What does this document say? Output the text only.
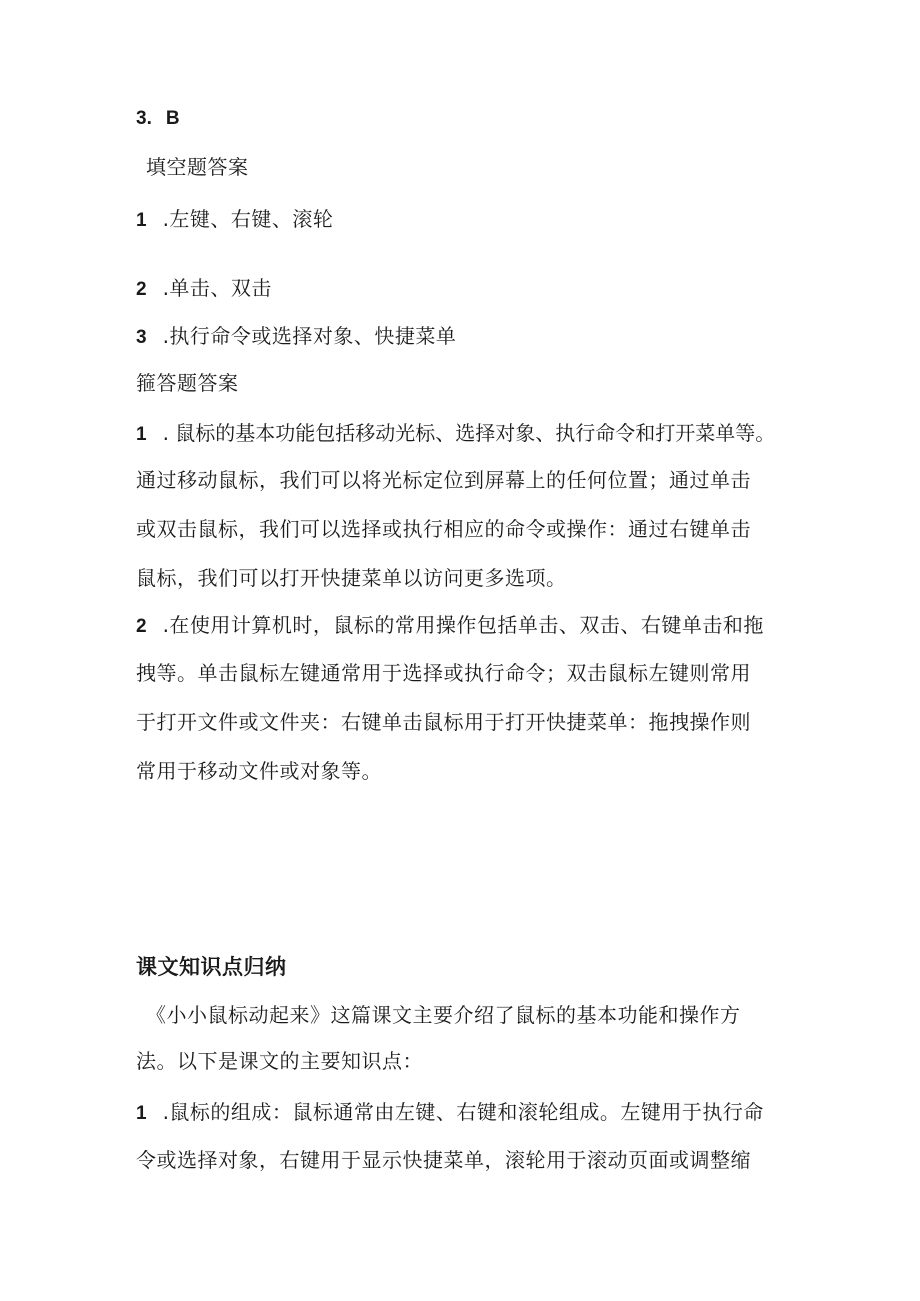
3. B
填空题答案
1 .左键、右键、滚轮
2 .单击、双击
3 .执行命令或选择对象、快捷菜单
箍答题答案
1 . 鼠标的基本功能包括移动光标、选择对象、执行命令和打开菜单等。
通过移动鼠标，我们可以将光标定位到屏幕上的任何位置；通过单击
或双击鼠标，我们可以选择或执行相应的命令或操作：通过右键单击
鼠标，我们可以打开快捷菜单以访问更多选项。
2 .在使用计算机时，鼠标的常用操作包括单击、双击、右键单击和拖
拽等。单击鼠标左键通常用于选择或执行命令；双击鼠标左键则常用
于打开文件或文件夹：右键单击鼠标用于打开快捷菜单：拖拽操作则
常用于移动文件或对象等。
课文知识点归纳
《小小鼠标动起来》这篇课文主要介绍了鼠标的基本功能和操作方
法。以下是课文的主要知识点：
1 .鼠标的组成：鼠标通常由左键、右键和滚轮组成。左键用于执行命
令或选择对象，右键用于显示快捷菜单，滚轮用于滚动页面或调整缩
